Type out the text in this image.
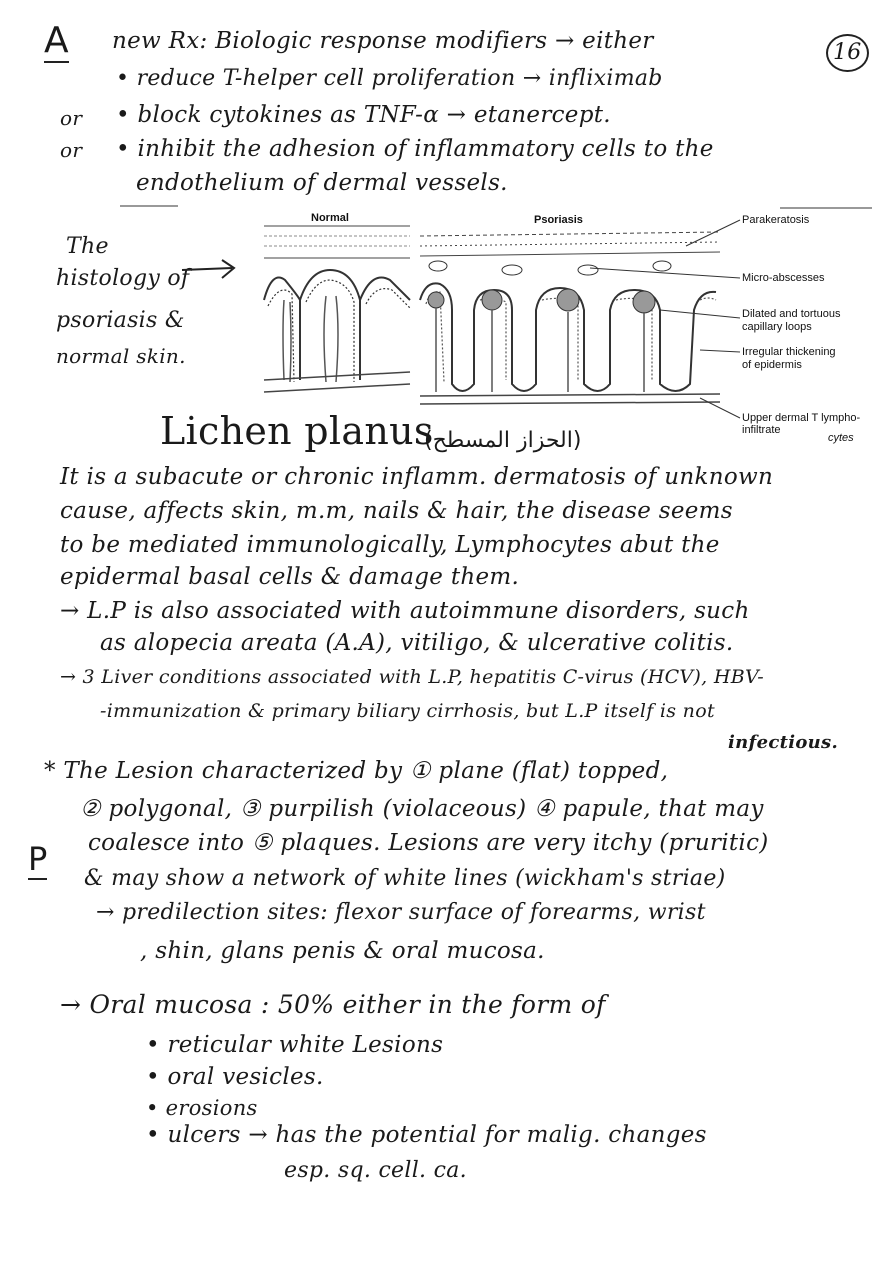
16
A
P
new Rx: Biologic response modifiers → either
• reduce T-helper cell proliferation → infliximab
or • block cytokines as TNF-α → etanercept.
or • inhibit the adhesion of inflammatory cells to the
endothelium of dermal vessels.
The
histology of
psoriasis &
normal skin.
Normal	Psoriasis	Parakeratosis
Micro-abscesses
Dilated and tortuous
capillary loops
Irregular thickening
of epidermis
Upper dermal T lympho-
infiltrate
cytes
Lichen planus
(الحزاز المسطح)
It is a subacute or chronic inflamm. dermatosis of unknown
cause, affects skin, m.m, nails & hair, the disease seems
to be mediated immunologically, Lymphocytes abut the
epidermal basal cells & damage them.
→ L.P is also associated with autoimmune disorders, such
as alopecia areata (A.A), vitiligo, & ulcerative colitis.
→ 3 Liver conditions associated with L.P, hepatitis C-virus (HCV), HBV-
-immunization & primary biliary cirrhosis, but L.P itself is not
infectious.
* The Lesion characterized by ① plane (flat) topped,
② polygonal, ③ purpilish (violaceous) ④ papule, that may
coalesce into ⑤ plaques. Lesions are very itchy (pruritic)
& may show a network of white lines (wickham's striae)
→ predilection sites: flexor surface of forearms, wrist
, shin, glans penis & oral mucosa.
→ Oral mucosa : 50% either in the form of
• reticular white Lesions
• oral vesicles.
• erosions
• ulcers → has the potential for malig. changes
esp. sq. cell. ca.
